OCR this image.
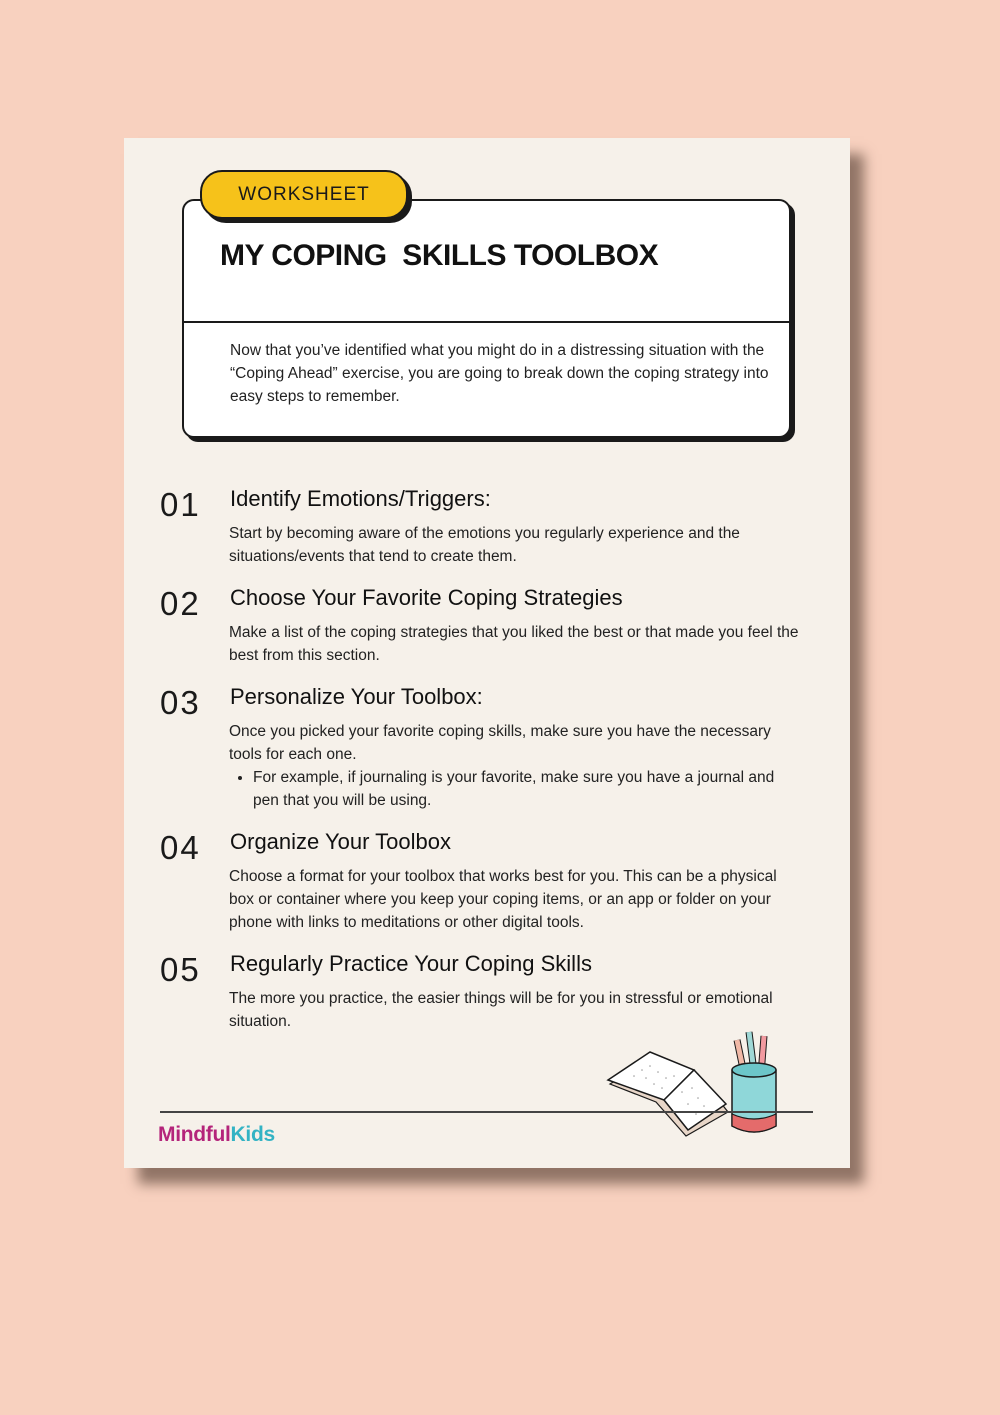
MY COPING  SKILLS TOOLBOX

Now that you’ve identified what you might do in a distressing situation with the “Coping Ahead” exercise, you are going to break down the coping strategy into easy steps to remember.

WORKSHEET
01 Identify Emotions/Triggers:

Start by becoming aware of the emotions you regularly experience and the situations/events that tend to create them.

02 Choose Your Favorite Coping Strategies

Make a list of the coping strategies that you liked the best or that made you feel the best from this section.

03 Personalize Your Toolbox:
Once you picked your favorite coping skills, make sure you have the necessary tools for each one.
• For example, if journaling is your favorite, make sure you have a journal and pen that you will be using.
04 Organize Your Toolbox

Choose a format for your toolbox that works best for you. This can be a physical box or container where you keep your coping items, or an app or folder on your phone with links to meditations or other digital tools.

05 Regularly Practice Your Coping Skills

The more you practice, the easier things will be for you in stressful or emotional situation.

MindfulKids
